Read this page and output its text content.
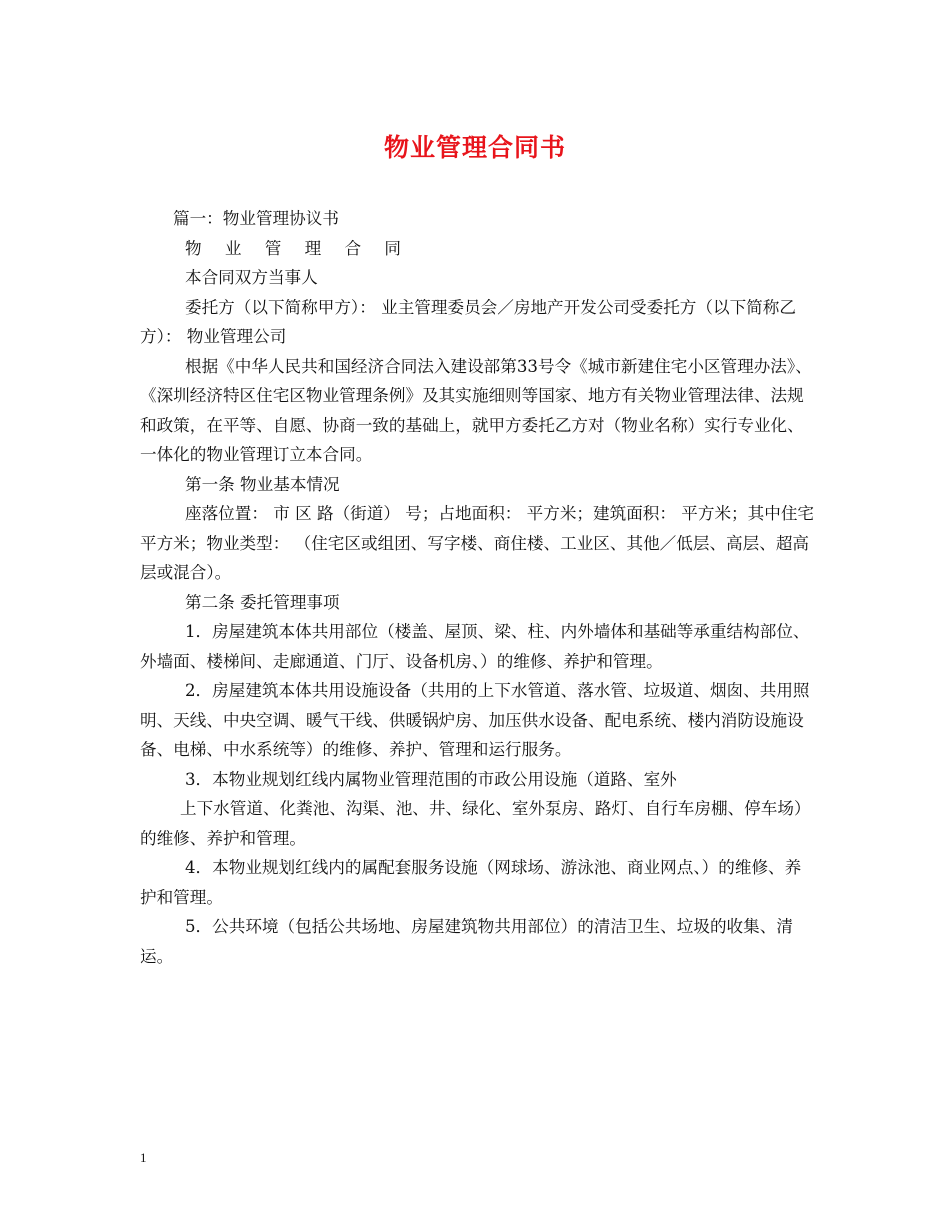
物业管理合同书

篇一：物业管理协议书

物 业 管 理 合 同

本合同双方当事人

委托方（以下简称甲方）： 业主管理委员会／房地产开发公司受委托方（以下简称乙方）： 物业管理公司

根据《中华人民共和国经济合同法入建设部第33号令《城市新建住宅小区管理办法》、《深圳经济特区住宅区物业管理条例》及其实施细则等国家、地方有关物业管理法律、法规和政策，在平等、自愿、协商一致的基础上，就甲方委托乙方对（物业名称）实行专业化、一体化的物业管理订立本合同。

第一条 物业基本情况

座落位置： 市 区 路（街道） 号；占地面积： 平方米；建筑面积： 平方米；其中住宅 平方米；物业类型： （住宅区或组团、写字楼、商住楼、工业区、其他／低层、高层、超高层或混合）。

第二条 委托管理事项

1．房屋建筑本体共用部位（楼盖、屋顶、梁、柱、内外墙体和基础等承重结构部位、外墙面、楼梯间、走廊通道、门厅、设备机房、）的维修、养护和管理。

2．房屋建筑本体共用设施设备（共用的上下水管道、落水管、垃圾道、烟囱、共用照明、天线、中央空调、暖气干线、供暖锅炉房、加压供水设备、配电系统、楼内消防设施设备、电梯、中水系统等）的维修、养护、管理和运行服务。

3．本物业规划红线内属物业管理范围的市政公用设施（道路、室外

上下水管道、化粪池、沟渠、池、井、绿化、室外泵房、路灯、自行车房棚、停车场）的维修、养护和管理。

4．本物业规划红线内的属配套服务设施（网球场、游泳池、商业网点、）的维修、养护和管理。

5．公共环境（包括公共场地、房屋建筑物共用部位）的清洁卫生、垃圾的收集、清运。

1
